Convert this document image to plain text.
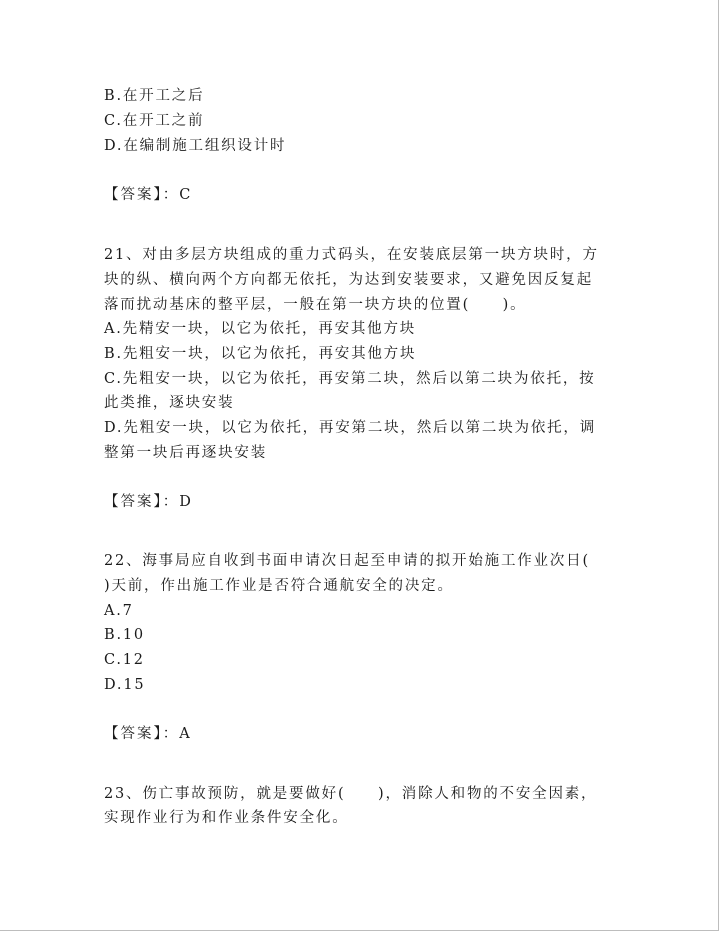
B.在开工之后
C.在开工之前
D.在编制施工组织设计时
【答案】：C
21、对由多层方块组成的重力式码头，在安装底层第一块方块时，方
块的纵、横向两个方向都无依托，为达到安装要求，又避免因反复起
落而扰动基床的整平层，一般在第一块方块的位置(　　)。
A.先精安一块，以它为依托，再安其他方块
B.先粗安一块，以它为依托，再安其他方块
C.先粗安一块，以它为依托，再安第二块，然后以第二块为依托，按
此类推，逐块安装
D.先粗安一块，以它为依托，再安第二块，然后以第二块为依托，调
整第一块后再逐块安装
【答案】：D
22、海事局应自收到书面申请次日起至申请的拟开始施工作业次日(
)天前，作出施工作业是否符合通航安全的决定。
A.7
B.10
C.12
D.15
【答案】：A
23、伤亡事故预防，就是要做好(　　)，消除人和物的不安全因素，
实现作业行为和作业条件安全化。
